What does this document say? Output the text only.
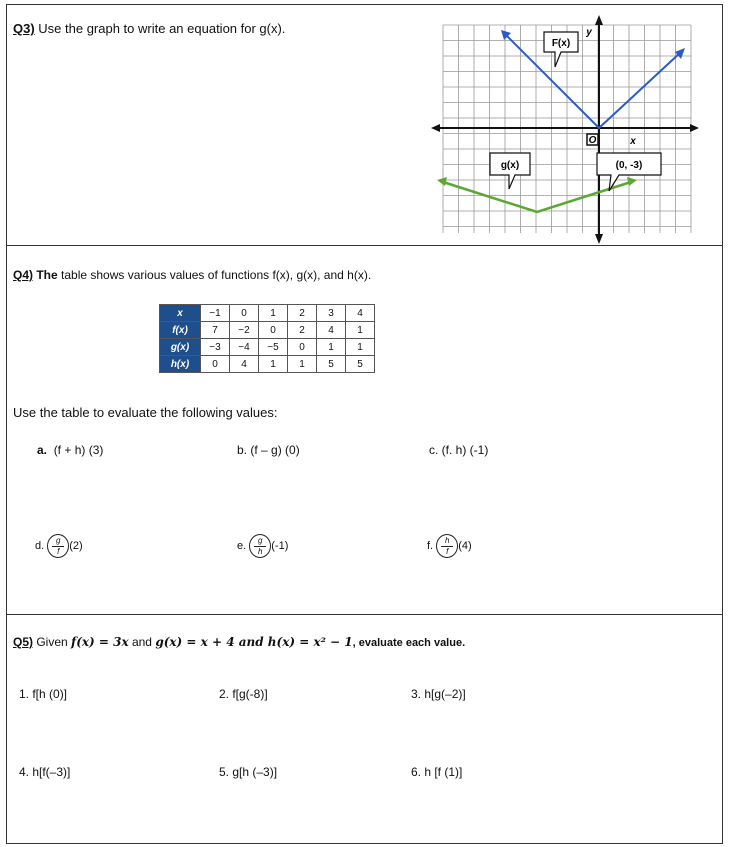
Q3) Use the graph to write an equation for g(x).
O	x
y
F(x)
g(x)	(0, -3)
Q4) The table shows various values of functions f(x), g(x), and h(x).
x	−1	0	1	2	3	4
f(x)	7	−2	0	2	4	1
g(x)	−3	−4	−5	0	1	1
h(x)	0	4	1	1	5	5
Use the table to evaluate the following values:
a. (f + h) (3)	b. (f – g) (0)	c. (f. h) (-1)
d. $\frac{g}{f} (2)$	e. $\frac{g}{h} (-1)$	f. $\frac{h}{f} (4)$
Q5) Given f(x) = 3x and g(x) = x + 4 and h(x) = x² − 1, evaluate each value.
1. f[h (0)]	2. f[g(-8)]	3. h[g(–2)]
4. h[f(–3)]	5. g[h (–3)]	6. h [f (1)]
